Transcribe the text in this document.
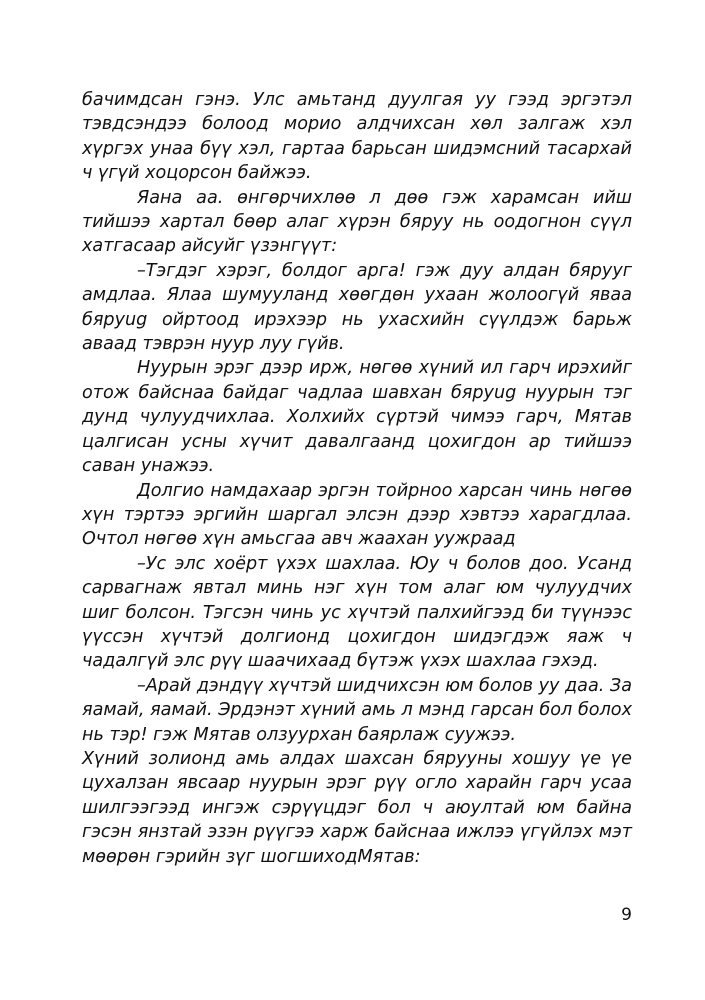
бачимдсан гэнэ. Улс амьтанд дуулгая уу гээд эргэтэл тэвдсэндээ болоод морио алдчихсан хөл залгаж хэл хүргэх унаа бүү хэл, гартаа барьсан шидэмсний тасархай ч үгүй хоцорсон байжээ.

Яана аа. өнгөрчихлөө л дөө гэж харамсан ийш тийшээ хартал бөөр алаг хүрэн бяруу нь оодогнон сүүл хатгасаар айсуйг үзэнгүүт:

–Тэгдэг хэрэг, болдог арга! гэж дуу алдан бярууг амдлаа. Ялаа шумууланд хөөгдөн ухаан жолоогүй яваа бяруug ойртоод ирэхээр нь ухасхийн сүүлдэж барьж аваад тэврэн нуур луу гүйв.

Нуурын эрэг дээр ирж, нөгөө хүний ил гарч ирэхийг отож байснаа байдаг чадлаа шавхан бяруug нуурын тэг дунд чулуудчихлаа. Холхийх сүртэй чимээ гарч, Мятав цалгисан усны хүчит давалгаанд цохигдон ар тийшээ саван унажээ.

Долгио намдахаар эргэн тойрноо харсан чинь нөгөө хүн тэртээ эргийн шаргал элсэн дээр хэвтээ харагдлаа. Очтол нөгөө хүн амьсгаа авч жаахан уужраад

–Ус элс хоёрт үхэх шахлаа. Юу ч болов доо. Усанд сарвагнаж явтал минь нэг хүн том алаг юм чулуудчих шиг болсон. Тэгсэн чинь ус хүчтэй палхийгээд би түүнээс үүссэн хүчтэй долгионд цохигдон шидэгдэж яаж ч чадалгүй элс рүү шаачихаад бүтэж үхэх шахлаа гэхэд.

–Арай дэндүү хүчтэй шидчихсэн юм болов уу даа. За яамай, яамай. Эрдэнэт хүний амь л мэнд гарсан бол болох нь тэр! гэж Мятав олзуурхан баярлаж суужээ.

Хүний золионд амь алдах шахсан бярууны хошуу үе үе цухалзан явсаар нуурын эрэг рүү огло харайн гарч усаа шилгээгээд ингэж сэрүүцдэг бол ч аюултай юм байна гэсэн янзтай эзэн рүүгээ харж байснаа ижлээ үгүйлэх мэт мөөрөн гэрийн зүг шогшиходМятав:

9
